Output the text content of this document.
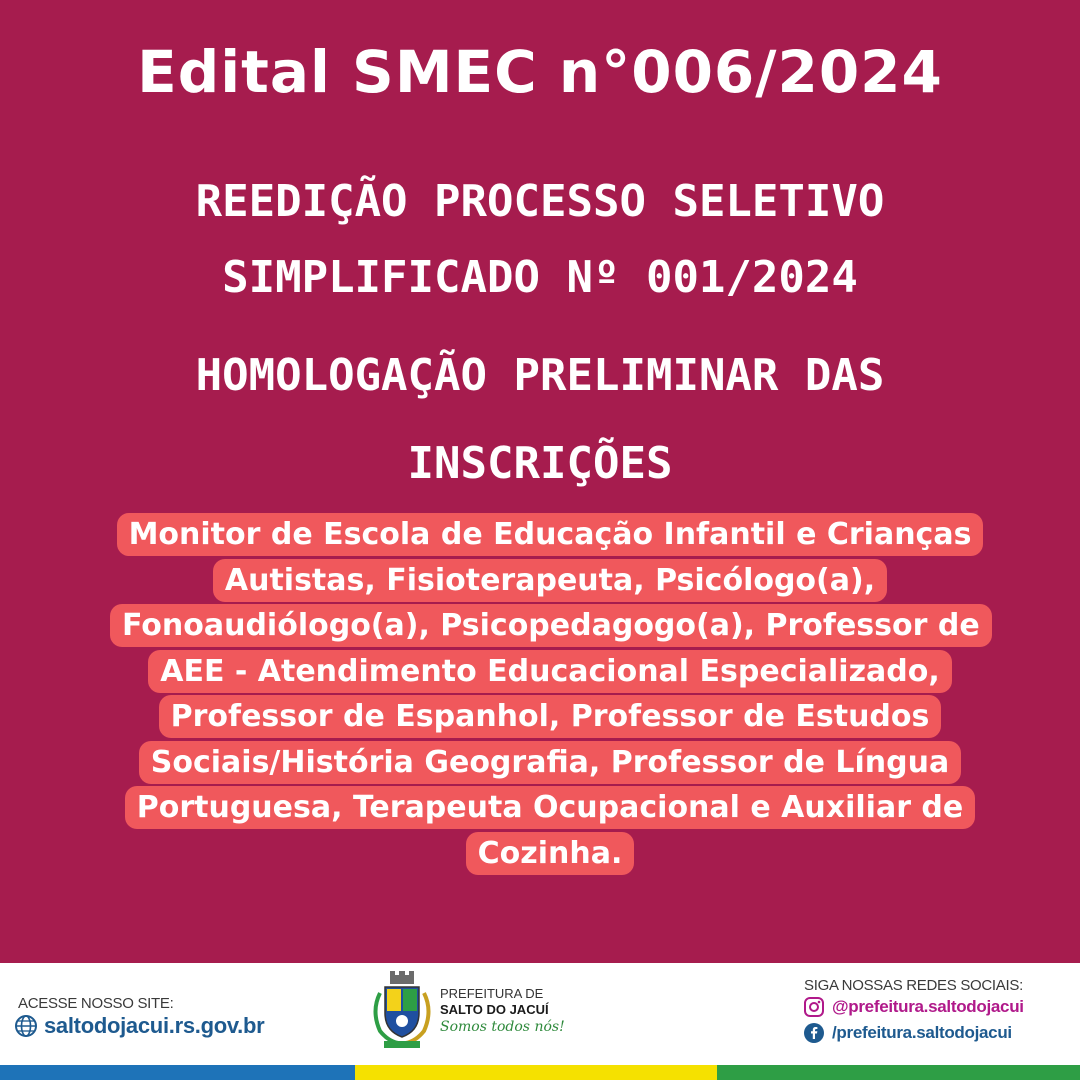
Edital SMEC n°006/2024
REEDIÇÃO PROCESSO SELETIVO
SIMPLIFICADO Nº 001/2024
HOMOLOGAÇÃO PRELIMINAR DAS
INSCRIÇÕES
Monitor de Escola de Educação Infantil e Crianças Autistas, Fisioterapeuta, Psicólogo(a), Fonoaudiólogo(a), Psicopedagogo(a), Professor de AEE - Atendimento Educacional Especializado, Professor de Espanhol, Professor de Estudos Sociais/História Geografia, Professor de Língua Portuguesa, Terapeuta Ocupacional e Auxiliar de Cozinha.
ACESSE NOSSO SITE:
saltodojacui.rs.gov.br
PREFEITURA DE
SALTO DO JACUÍ
Somos todos nós!
SIGA NOSSAS REDES SOCIAIS:
@prefeitura.saltodojacui
/prefeitura.saltodojacui
